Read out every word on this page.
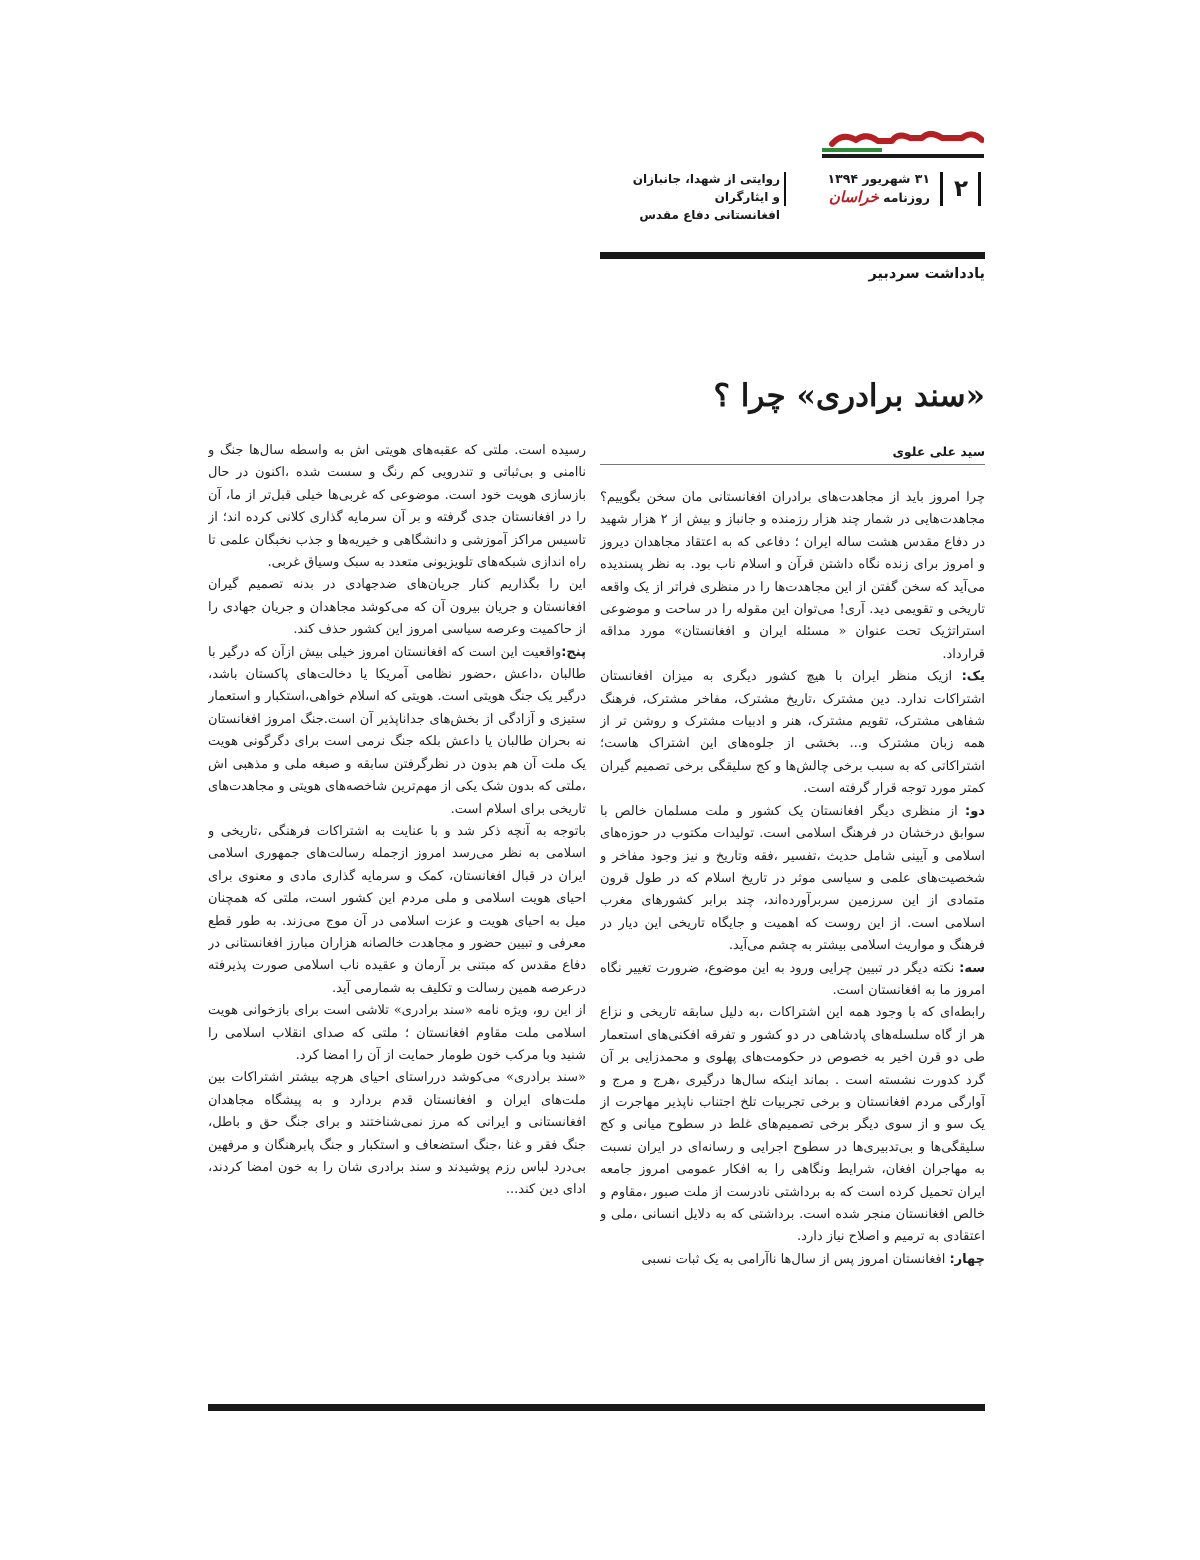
۲
۳۱ شهریور ۱۳۹۴
روزنامه خراسان
روایتی از شهدا، جانبازان و ایثارگران
افغانستانی دفاع مقدس
یادداشت سردبیر
«سند برادری» چرا ؟
سید علی علوی

چرا امروز باید از مجاهدت‌های برادران افغانستانی مان سخن بگوییم؟ مجاهدت‌هایی در شمار چند هزار رزمنده و جانباز و بیش از ۲ هزار شهید در دفاع مقدس هشت ساله ایران ؛ دفاعی که به اعتقاد مجاهدان دیروز و امروز برای زنده نگاه داشتن قرآن و اسلام ناب بود. به نظر پسندیده می‌آید که سخن گفتن از این مجاهدت‌ها را در منظری فراتر از یک واقعه تاریخی و تقویمی دید. آری! می‌توان این مقوله را در ساحت و موضوعی استراتژیک تحت عنوان « مسئله ایران و افغانستان» مورد مداقه قرارداد.

یک: ازیک منظر ایران با هیچ کشور دیگری به میزان افغانستان اشتراکات ندارد. دین مشترک ،تاریخ مشترک، مفاخر مشترک، فرهنگ شفاهی مشترک، تقویم مشترک، هنر و ادبیات مشترک و روشن تر از همه زبان مشترک و... بخشی از جلوه‌های این اشتراک هاست؛ اشتراکاتی که به سبب برخی چالش‌ها و کج سلیقگی برخی تصمیم گیران کمتر مورد توجه قرار گرفته است.

دو: از منظری دیگر افغانستان یک کشور و ملت مسلمان خالص با سوابق درخشان در فرهنگ اسلامی است. تولیدات مکتوب در حوزه‌های اسلامی و آیینی شامل حدیث ،تفسیر ،فقه وتاریخ و نیز وجود مفاخر و شخصیت‌های علمی و سیاسی موثر در تاریخ اسلام که در طول قرون متمادی از این سرزمین سربرآورده‌اند، چند برابر کشورهای مغرب اسلامی است. از این روست که اهمیت و جایگاه تاریخی این دیار در فرهنگ و مواریث اسلامی بیشتر به چشم می‌آید.

سه: نکته دیگر در تبیین چرایی ورود به این موضوع، ضرورت تغییر نگاه امروز ما به افغانستان است.

رابطه‌ای که با وجود همه این اشتراکات ،به دلیل سابقه تاریخی و نزاع هر از گاه سلسله‌های پادشاهی در دو کشور و تفرقه افکنی‌های استعمار طی دو قرن اخیر به خصوص در حکومت‌های پهلوی و محمدزایی بر آن گرد کدورت نشسته است . بماند اینکه سال‌ها درگیری ،هرج و مرج و آوارگی مردم افغانستان و برخی تجربیات تلخ اجتناب ناپذیر مهاجرت از یک سو و از سوی دیگر برخی تصمیم‌های غلط در سطوح میانی و کج سلیقگی‌ها و بی‌تدبیری‌ها در سطوح اجرایی و رسانه‌ای در ایران نسبت به مهاجران افغان، شرایط ونگاهی را به افکار عمومی امروز جامعه ایران تحمیل کرده است که به برداشتی نادرست از ملت صبور ،مقاوم و خالص افغانستان منجر شده است. برداشتی که به دلایل انسانی ،ملی و اعتقادی به ترمیم و اصلاح نیاز دارد.

چهار: افغانستان امروز پس از سال‌ها ناآرامی به یک ثبات نسبی

رسیده است. ملتی که عقبه‌های هویتی اش به واسطه سال‌ها جنگ و ناامنی و بی‌ثباتی و تندرویی کم رنگ و سست شده ،اکنون در حال بازسازی هویت خود است. موضوعی که غربی‌ها خیلی قبل‌تر از ما، آن را در افغانستان جدی گرفته و بر آن سرمایه گذاری کلانی کرده اند؛ از تاسیس مراکز آموزشی و دانشگاهی و خیریه‌ها و جذب نخبگان علمی تا راه اندازی شبکه‌های تلویزیونی متعدد به سبک وسیاق غربی.

این را بگذاریم کنار جریان‌های ضدجهادی در بدنه تصمیم گیران افغانستان و جریان بیرون آن که می‌کوشد مجاهدان و جریان جهادی را از حاکمیت وعرصه سیاسی امروز این کشور حذف کند.

پنج:واقعیت این است که افغانستان امروز خیلی بیش ازآن که درگیر با طالبان ،داعش ،حضور نظامی آمریکا یا دخالت‌های پاکستان باشد، درگیر یک جنگ هویتی است. هویتی که اسلام خواهی،استکبار و استعمار ستیزی و آزادگی از بخش‌های جداناپذیر آن است.جنگ امروز افغانستان نه بحران طالبان یا داعش بلکه جنگ نرمی است برای دگرگونی هویت یک ملت آن هم بدون در نظرگرفتن سابقه و صبغه ملی و مذهبی اش ،ملتی که بدون شک یکی از مهم‌ترین شاخصه‌های هویتی و مجاهدت‌های تاریخی برای اسلام است.

باتوجه به آنچه ذکر شد و با عنایت به اشتراکات فرهنگی ،تاریخی و اسلامی به نظر می‌رسد امروز ازجمله رسالت‌های جمهوری اسلامی ایران در قبال افغانستان، کمک و سرمایه گذاری مادی و معنوی برای احیای هویت اسلامی و ملی مردم این کشور است، ملتی که همچنان میل به احیای هویت و عزت اسلامی در آن موج می‌زند. به طور قطع معرفی و تبیین حضور و مجاهدت خالصانه هزاران مبارز افغانستانی در دفاع مقدس که مبتنی بر آرمان و عقیده ناب اسلامی صورت پذیرفته درعرصه همین رسالت و تکلیف به شمارمی آید.

از این رو، ویژه نامه «سند برادری» تلاشی است برای بازخوانی هویت اسلامی ملت مقاوم افغانستان ؛ ملتی که صدای انقلاب اسلامی را شنید وبا مرکب خون طومار حمایت از آن را امضا کرد.

«سند برادری» می‌کوشد درراستای احیای هرچه بیشتر اشتراکات بین ملت‌های ایران و افغانستان قدم بردارد و به پیشگاه مجاهدان افغانستانی و ایرانی که مرز نمی‌شناختند و برای جنگ حق و باطل، جنگ فقر و غنا ،جنگ استضعاف و استکبار و جنگ پابرهنگان و مرفهین بی‌درد لباس رزم پوشیدند و سند برادری شان را به خون امضا کردند، ادای دین کند...
